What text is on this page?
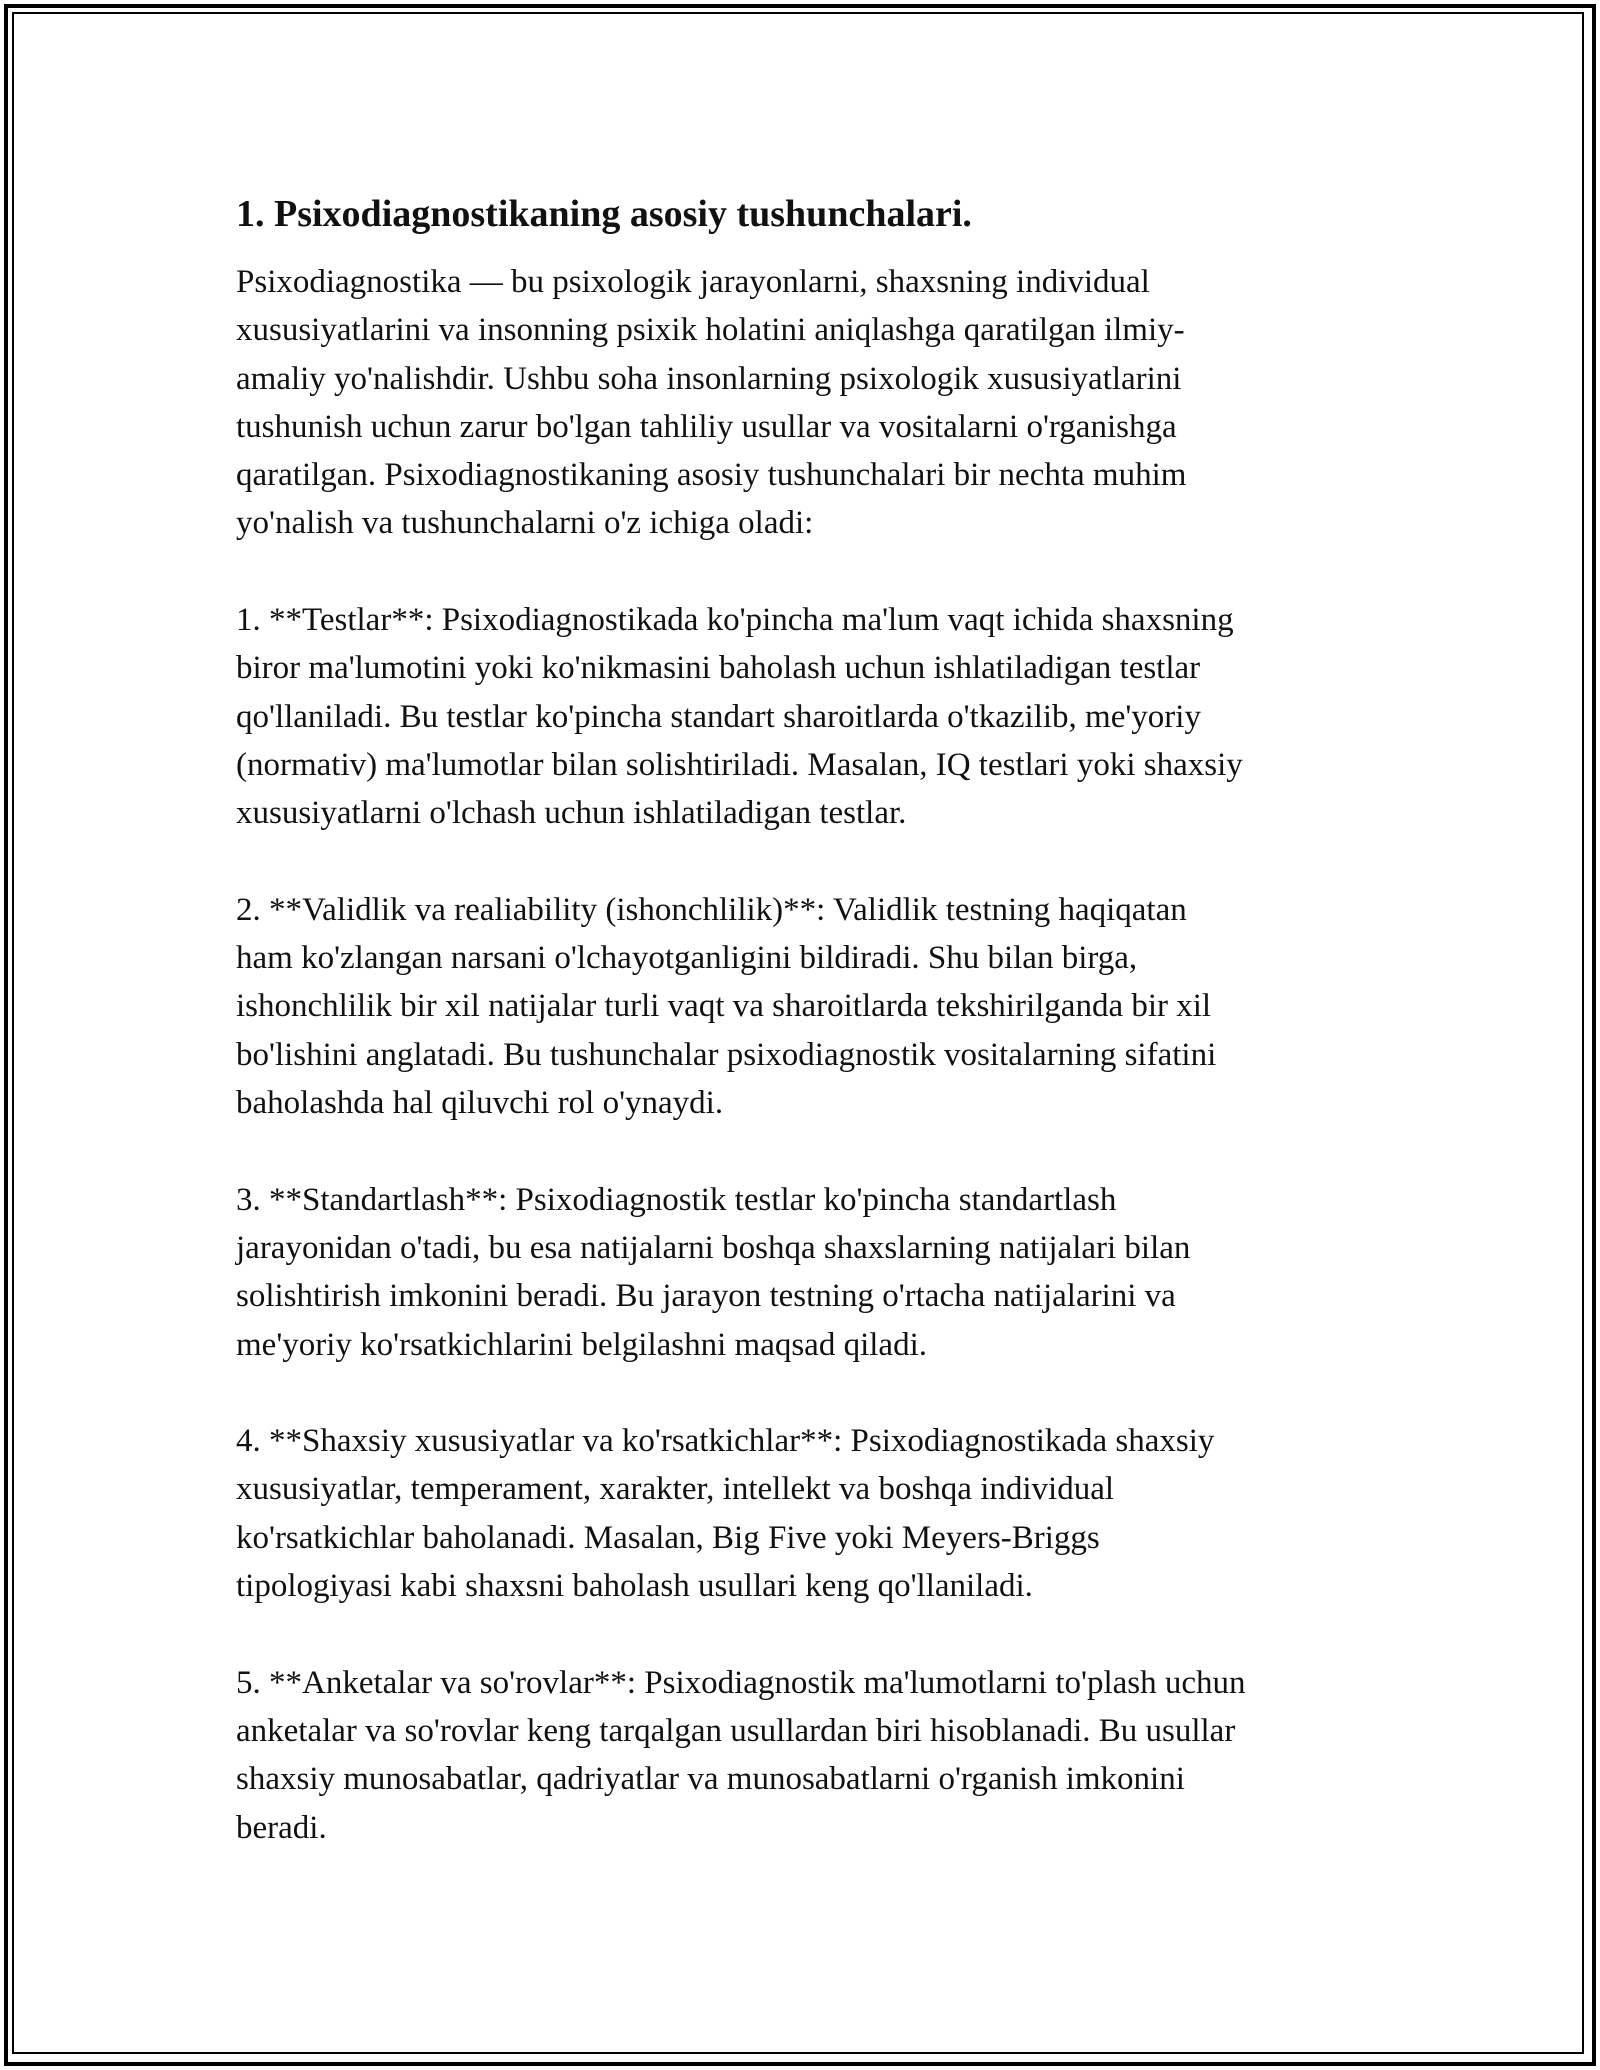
1. Psixodiagnostikaning asosiy tushunchalari.

Psixodiagnostika — bu psixologik jarayonlarni, shaxsning individual
xususiyatlarini va insonning psixik holatini aniqlashga qaratilgan ilmiy-
amaliy yo'nalishdir. Ushbu soha insonlarning psixologik xususiyatlarini
tushunish uchun zarur bo'lgan tahliliy usullar va vositalarni o'rganishga
qaratilgan. Psixodiagnostikaning asosiy tushunchalari bir nechta muhim
yo'nalish va tushunchalarni o'z ichiga oladi:

1. **Testlar**: Psixodiagnostikada ko'pincha ma'lum vaqt ichida shaxsning
biror ma'lumotini yoki ko'nikmasini baholash uchun ishlatiladigan testlar
qo'llaniladi. Bu testlar ko'pincha standart sharoitlarda o'tkazilib, me'yoriy
(normativ) ma'lumotlar bilan solishtiriladi. Masalan, IQ testlari yoki shaxsiy
xususiyatlarni o'lchash uchun ishlatiladigan testlar.

2. **Validlik va realiability (ishonchlilik)**: Validlik testning haqiqatan
ham ko'zlangan narsani o'lchayotganligini bildiradi. Shu bilan birga,
ishonchlilik bir xil natijalar turli vaqt va sharoitlarda tekshirilganda bir xil
bo'lishini anglatadi. Bu tushunchalar psixodiagnostik vositalarning sifatini
baholashda hal qiluvchi rol o'ynaydi.

3. **Standartlash**: Psixodiagnostik testlar ko'pincha standartlash
jarayonidan o'tadi, bu esa natijalarni boshqa shaxslarning natijalari bilan
solishtirish imkonini beradi. Bu jarayon testning o'rtacha natijalarini va
me'yoriy ko'rsatkichlarini belgilashni maqsad qiladi.

4. **Shaxsiy xususiyatlar va ko'rsatkichlar**: Psixodiagnostikada shaxsiy
xususiyatlar, temperament, xarakter, intellekt va boshqa individual
ko'rsatkichlar baholanadi. Masalan, Big Five yoki Meyers-Briggs
tipologiyasi kabi shaxsni baholash usullari keng qo'llaniladi.

5. **Anketalar va so'rovlar**: Psixodiagnostik ma'lumotlarni to'plash uchun
anketalar va so'rovlar keng tarqalgan usullardan biri hisoblanadi. Bu usullar
shaxsiy munosabatlar, qadriyatlar va munosabatlarni o'rganish imkonini
beradi.
